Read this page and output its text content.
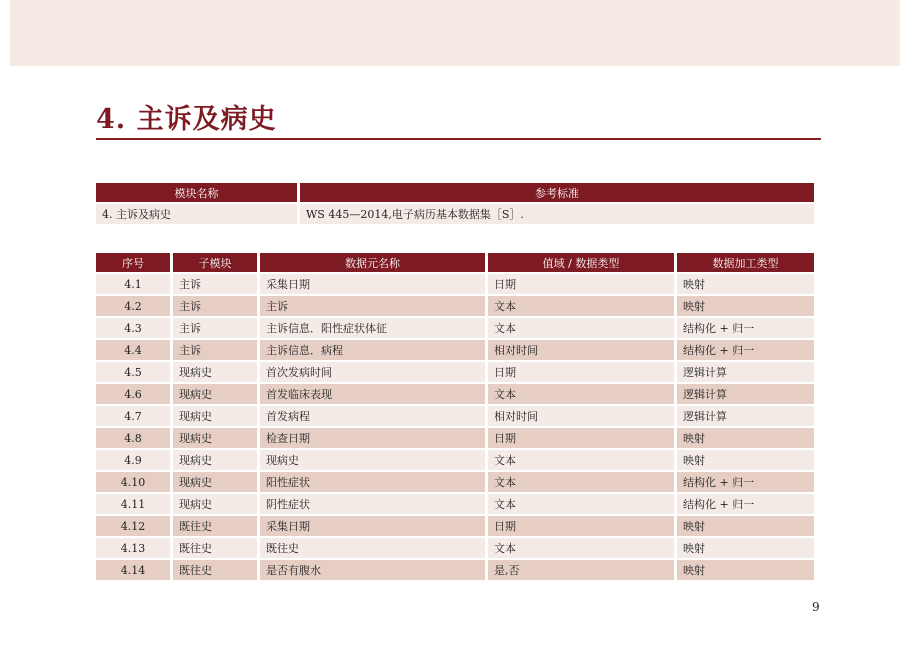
4. 主诉及病史
模块名称	参考标准
4. 主诉及病史	WS 445—2014,电子病历基本数据集［S］.
序号	子模块	数据元名称	值域 / 数据类型	数据加工类型
4.1	主诉	采集日期	日期	映射
4.2	主诉	主诉	文本	映射
4.3	主诉	主诉信息．阳性症状体征	文本	结构化 + 归一
4.4	主诉	主诉信息．病程	相对时间	结构化 + 归一
4.5	现病史	首次发病时间	日期	逻辑计算
4.6	现病史	首发临床表现	文本	逻辑计算
4.7	现病史	首发病程	相对时间	逻辑计算
4.8	现病史	检查日期	日期	映射
4.9	现病史	现病史	文本	映射
4.10	现病史	阳性症状	文本	结构化 + 归一
4.11	现病史	阴性症状	文本	结构化 + 归一
4.12	既往史	采集日期	日期	映射
4.13	既往史	既往史	文本	映射
4.14	既往史	是否有腹水	是,否	映射
9
